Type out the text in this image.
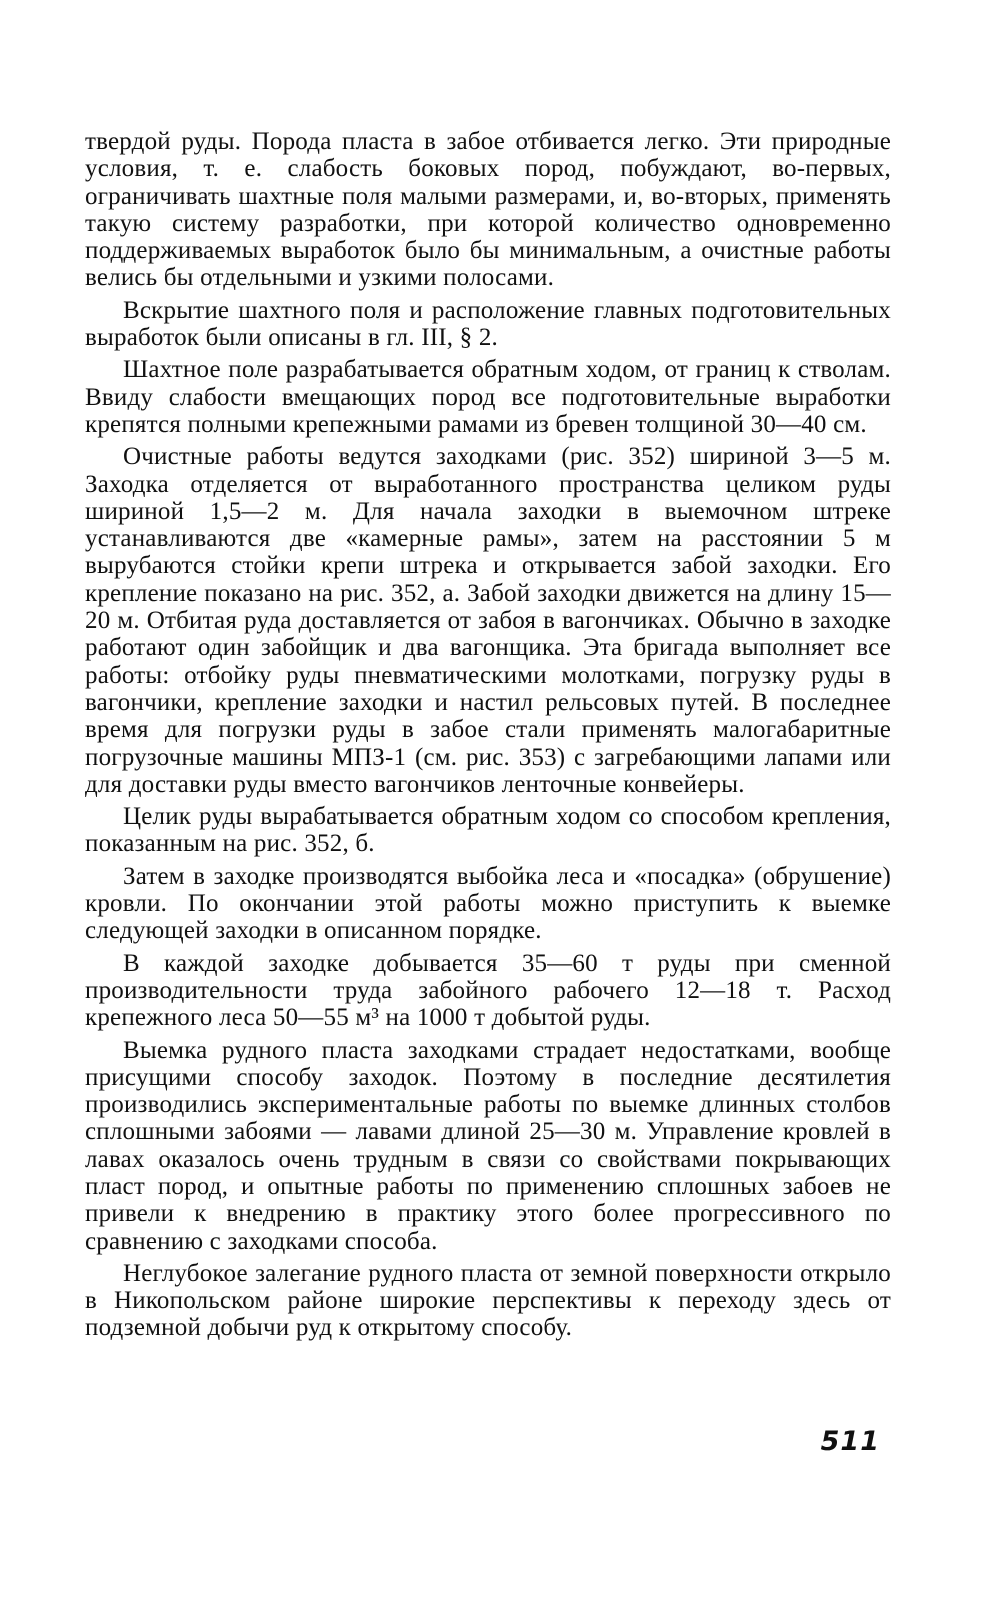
твердой руды. Порода пласта в забое отбивается легко. Эти природные условия, т. е. слабость боковых пород, побуждают, во-первых, ограничивать шахтные поля малыми размерами, и, во-вторых, применять такую систему разработки, при которой количество одновременно поддерживаемых выработок было бы минимальным, а очистные работы велись бы отдельными и узкими полосами.

Вскрытие шахтного поля и расположение главных подготовительных выработок были описаны в гл. III, § 2.

Шахтное поле разрабатывается обратным ходом, от границ к стволам. Ввиду слабости вмещающих пород все подготовительные выработки крепятся полными крепежными рамами из бревен толщиной 30—40 см.

Очистные работы ведутся заходками (рис. 352) шириной 3—5 м. Заходка отделяется от выработанного пространства целиком руды шириной 1,5—2 м. Для начала заходки в выемочном штреке устанавливаются две «камерные рамы», затем на расстоянии 5 м вырубаются стойки крепи штрека и открывается забой заходки. Его крепление показано на рис. 352, а. Забой заходки движется на длину 15—20 м. Отбитая руда доставляется от забоя в вагончиках. Обычно в заходке работают один забойщик и два вагонщика. Эта бригада выполняет все работы: отбойку руды пневматическими молотками, погрузку руды в вагончики, крепление заходки и настил рельсовых путей. В последнее время для погрузки руды в забое стали применять малогабаритные погрузочные машины МПЗ-1 (см. рис. 353) с загребающими лапами или для доставки руды вместо вагончиков ленточные конвейеры.

Целик руды вырабатывается обратным ходом со способом крепления, показанным на рис. 352, б.

Затем в заходке производятся выбойка леса и «посадка» (обрушение) кровли. По окончании этой работы можно приступить к выемке следующей заходки в описанном порядке.

В каждой заходке добывается 35—60 т руды при сменной производительности труда забойного рабочего 12—18 т. Расход крепежного леса 50—55 м³ на 1000 т добытой руды.

Выемка рудного пласта заходками страдает недостатками, вообще присущими способу заходок. Поэтому в последние десятилетия производились экспериментальные работы по выемке длинных столбов сплошными забоями — лавами длиной 25—30 м. Управление кровлей в лавах оказалось очень трудным в связи со свойствами покрывающих пласт пород, и опытные работы по применению сплошных забоев не привели к внедрению в практику этого более прогрессивного по сравнению с заходками способа.

Неглубокое залегание рудного пласта от земной поверхности открыло в Никопольском районе широкие перспективы к переходу здесь от подземной добычи руд к открытому способу.

511
